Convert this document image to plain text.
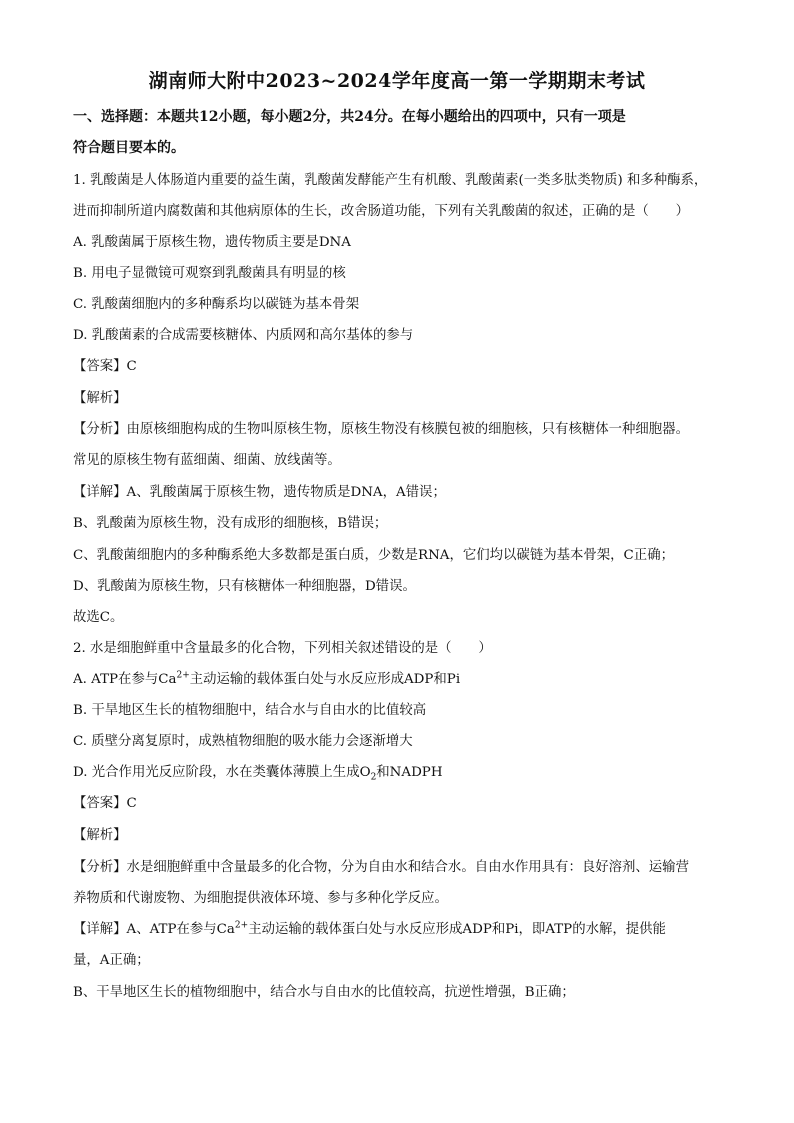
湖南师大附中2023~2024学年度高一第一学期期末考试
一、选择题：本题共12小题，每小题2分，共24分。在每小题给出的四项中，只有一项是
符合题目要本的。
1. 乳酸菌是人体肠道内重要的益生菌，乳酸菌发酵能产生有机酸、乳酸菌素(一类多肽类物质) 和多种酶系，
进而抑制所道内腐数菌和其他病原体的生长，改舍肠道功能，下列有关乳酸菌的叙述，正确的是（　　）
A. 乳酸菌属于原核生物，遗传物质主要是DNA
B. 用电子显微镜可观察到乳酸菌具有明显的核
C. 乳酸菌细胞内的多种酶系均以碳链为基本骨架
D. 乳酸菌素的合成需要核糖体、内质网和高尔基体的参与
【答案】C
【解析】
【分析】由原核细胞构成的生物叫原核生物，原核生物没有核膜包被的细胞核，只有核糖体一种细胞器。
常见的原核生物有蓝细菌、细菌、放线菌等。
【详解】A、乳酸菌属于原核生物，遗传物质是DNA，A错误；
B、乳酸菌为原核生物，没有成形的细胞核，B错误；
C、乳酸菌细胞内的多种酶系绝大多数都是蛋白质，少数是RNA，它们均以碳链为基本骨架，C正确；
D、乳酸菌为原核生物，只有核糖体一种细胞器，D错误。
故选C。
2. 水是细胞鲜重中含量最多的化合物，下列相关叙述错设的是（　　）
A. ATP在参与$Ca^{2+}$主动运输的载体蛋白处与水反应形成ADP和Pi
B. 干旱地区生长的植物细胞中，结合水与自由水的比值较高
C. 质壁分离复原时，成熟植物细胞的吸水能力会逐渐增大
D. 光合作用光反应阶段，水在类囊体薄膜上生成$O_2$和NADPH
【答案】C
【解析】
【分析】水是细胞鲜重中含量最多的化合物，分为自由水和结合水。自由水作用具有：良好溶剂、运输营
养物质和代谢废物、为细胞提供液体环境、参与多种化学反应。
【详解】A、ATP在参与$Ca^{2+}$主动运输的载体蛋白处与水反应形成ADP和Pi，即ATP的水解，提供能
量，A正确；
B、干旱地区生长的植物细胞中，结合水与自由水的比值较高，抗逆性增强，B正确；
